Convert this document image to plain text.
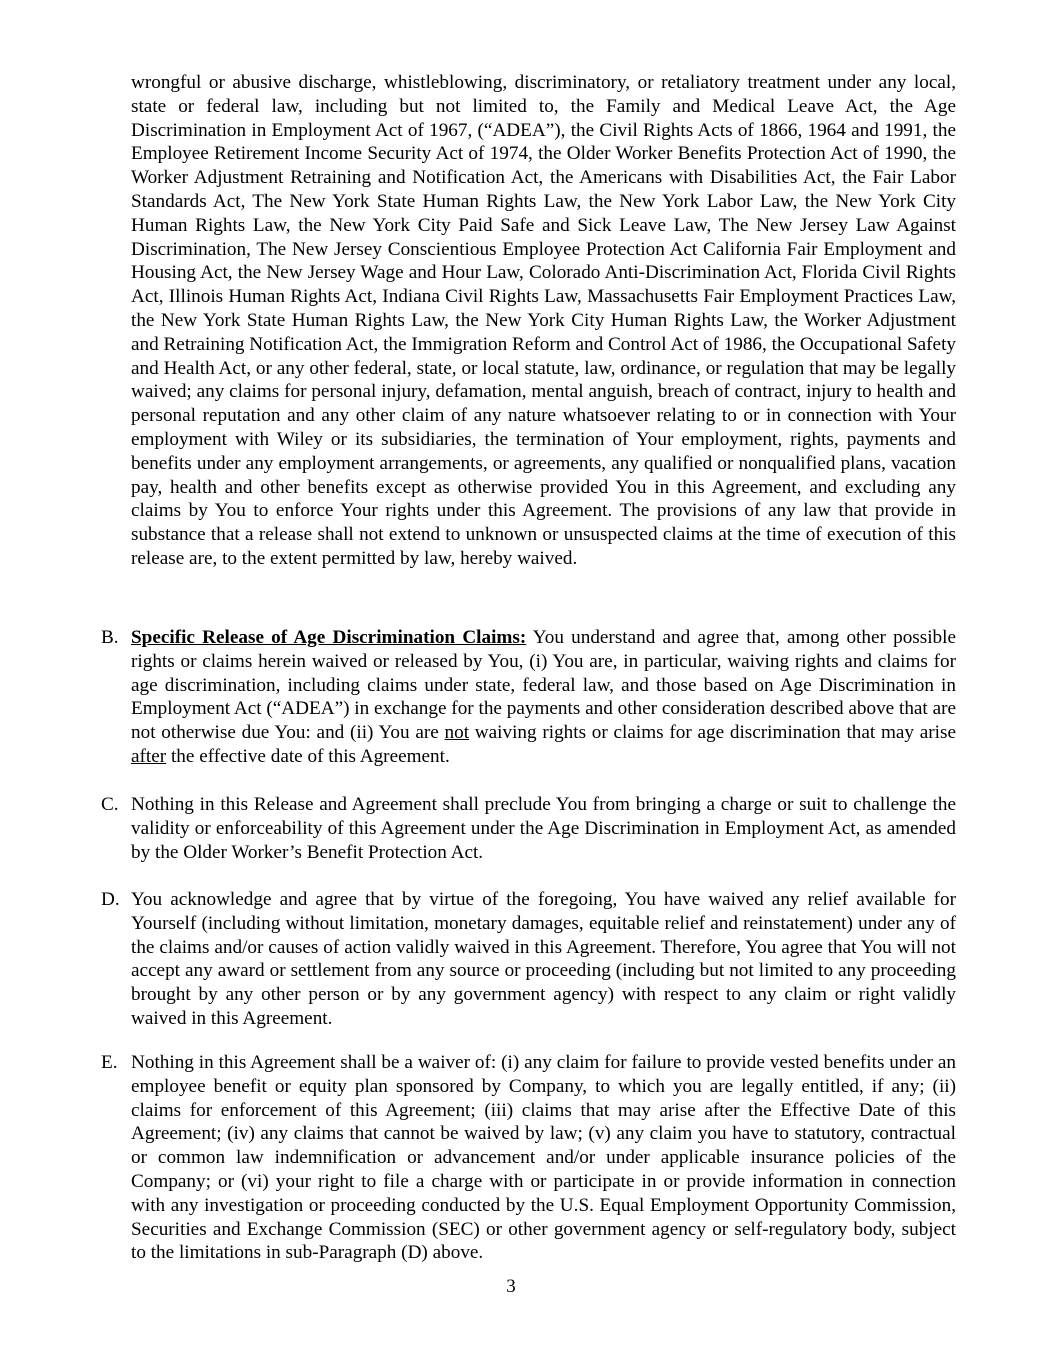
wrongful or abusive discharge, whistleblowing, discriminatory, or retaliatory treatment under any local, state or federal law, including but not limited to, the Family and Medical Leave Act, the Age Discrimination in Employment Act of 1967, (“ADEA”), the Civil Rights Acts of 1866, 1964 and 1991, the Employee Retirement Income Security Act of 1974, the Older Worker Benefits Protection Act of 1990, the Worker Adjustment Retraining and Notification Act, the Americans with Disabilities Act, the Fair Labor Standards Act, The New York State Human Rights Law, the New York Labor Law, the New York City Human Rights Law, the New York City Paid Safe and Sick Leave Law, The New Jersey Law Against Discrimination, The New Jersey Conscientious Employee Protection Act California Fair Employment and Housing Act, the New Jersey Wage and Hour Law, Colorado Anti-Discrimination Act, Florida Civil Rights Act, Illinois Human Rights Act, Indiana Civil Rights Law, Massachusetts Fair Employment Practices Law, the New York State Human Rights Law, the New York City Human Rights Law, the Worker Adjustment and Retraining Notification Act, the Immigration Reform and Control Act of 1986, the Occupational Safety and Health Act, or any other federal, state, or local statute, law, ordinance, or regulation that may be legally waived; any claims for personal injury, defamation, mental anguish, breach of contract, injury to health and personal reputation and any other claim of any nature whatsoever relating to or in connection with Your employment with Wiley or its subsidiaries, the termination of Your employment, rights, payments and benefits under any employment arrangements, or agreements, any qualified or nonqualified plans, vacation pay, health and other benefits except as otherwise provided You in this Agreement, and excluding any claims by You to enforce Your rights under this Agreement. The provisions of any law that provide in substance that a release shall not extend to unknown or unsuspected claims at the time of execution of this release are, to the extent permitted by law, hereby waived.

B. Specific Release of Age Discrimination Claims: You understand and agree that, among other possible rights or claims herein waived or released by You, (i) You are, in particular, waiving rights and claims for age discrimination, including claims under state, federal law, and those based on Age Discrimination in Employment Act (“ADEA”) in exchange for the payments and other consideration described above that are not otherwise due You: and (ii) You are not waiving rights or claims for age discrimination that may arise after the effective date of this Agreement.

C. Nothing in this Release and Agreement shall preclude You from bringing a charge or suit to challenge the validity or enforceability of this Agreement under the Age Discrimination in Employment Act, as amended by the Older Worker’s Benefit Protection Act.

D. You acknowledge and agree that by virtue of the foregoing, You have waived any relief available for Yourself (including without limitation, monetary damages, equitable relief and reinstatement) under any of the claims and/or causes of action validly waived in this Agreement. Therefore, You agree that You will not accept any award or settlement from any source or proceeding (including but not limited to any proceeding brought by any other person or by any government agency) with respect to any claim or right validly waived in this Agreement.

E. Nothing in this Agreement shall be a waiver of: (i) any claim for failure to provide vested benefits under an employee benefit or equity plan sponsored by Company, to which you are legally entitled, if any; (ii) claims for enforcement of this Agreement; (iii) claims that may arise after the Effective Date of this Agreement; (iv) any claims that cannot be waived by law; (v) any claim you have to statutory, contractual or common law indemnification or advancement and/or under applicable insurance policies of the Company; or (vi) your right to file a charge with or participate in or provide information in connection with any investigation or proceeding conducted by the U.S. Equal Employment Opportunity Commission, Securities and Exchange Commission (SEC) or other government agency or self-regulatory body, subject to the limitations in sub-Paragraph (D) above.

3
